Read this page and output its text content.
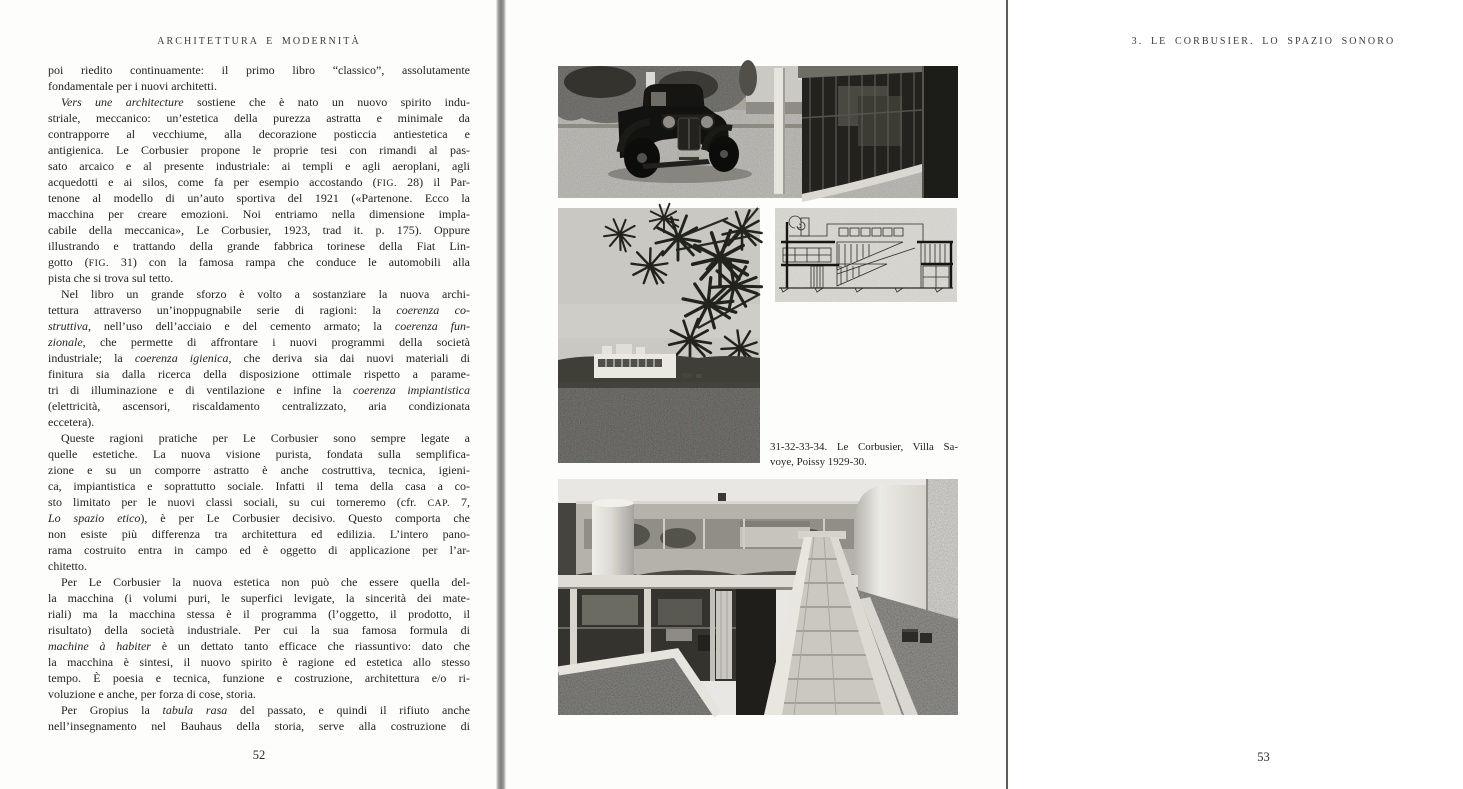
ARCHITETTURA E MODERNITÀ
poi riedito continuamente: il primo libro “classico”, assolutamente
fondamentale per i nuovi architetti.
Vers une architecture sostiene che è nato un nuovo spirito indu-
striale, meccanico: un’estetica della purezza astratta e minimale da
contrapporre al vecchiume, alla decorazione posticcia antiestetica e
antigienica. Le Corbusier propone le proprie tesi con rimandi al pas-
sato arcaico e al presente industriale: ai templi e agli aeroplani, agli
acquedotti e ai silos, come fa per esempio accostando (FIG. 28) il Par-
tenone al modello di un’auto sportiva del 1921 («Partenone. Ecco la
macchina per creare emozioni. Noi entriamo nella dimensione impla-
cabile della meccanica», Le Corbusier, 1923, trad it. p. 175). Oppure
illustrando e trattando della grande fabbrica torinese della Fiat Lin-
gotto (FIG. 31) con la famosa rampa che conduce le automobili alla
pista che si trova sul tetto.
Nel libro un grande sforzo è volto a sostanziare la nuova archi-
tettura attraverso un’inoppugnabile serie di ragioni: la coerenza co-
struttiva, nell’uso dell’acciaio e del cemento armato; la coerenza fun-
zionale, che permette di affrontare i nuovi programmi della società
industriale; la coerenza igienica, che deriva sia dai nuovi materiali di
finitura sia dalla ricerca della disposizione ottimale rispetto a parame-
tri di illuminazione e di ventilazione e infine la coerenza impiantistica
(elettricità, ascensori, riscaldamento centralizzato, aria condizionata
eccetera).
Queste ragioni pratiche per Le Corbusier sono sempre legate a
quelle estetiche. La nuova visione purista, fondata sulla semplifica-
zione e su un comporre astratto è anche costruttiva, tecnica, igieni-
ca, impiantistica e soprattutto sociale. Infatti il tema della casa a co-
sto limitato per le nuovi classi sociali, su cui torneremo (cfr. CAP. 7,
Lo spazio etico), è per Le Corbusier decisivo. Questo comporta che
non esiste più differenza tra architettura ed edilizia. L’intero pano-
rama costruito entra in campo ed è oggetto di applicazione per l’ar-
chitetto.
Per Le Corbusier la nuova estetica non può che essere quella del-
la macchina (i volumi puri, le superfici levigate, la sincerità dei mate-
riali) ma la macchina stessa è il programma (l’oggetto, il prodotto, il
risultato) della società industriale. Per cui la sua famosa formula di
machine à habiter è un dettato tanto efficace che riassuntivo: dato che
la macchina è sintesi, il nuovo spirito è ragione ed estetica allo stesso
tempo. È poesia e tecnica, funzione e costruzione, architettura e/o ri-
voluzione e anche, per forza di cose, storia.
Per Gropius la tabula rasa del passato, e quindi il rifiuto anche
nell’insegnamento nel Bauhaus della storia, serve alla costruzione di
52
3. LE CORBUSIER. LO SPAZIO SONORO
31-32-33-34. Le Corbusier, Villa Sa-
voye, Poissy 1929-30.
53
